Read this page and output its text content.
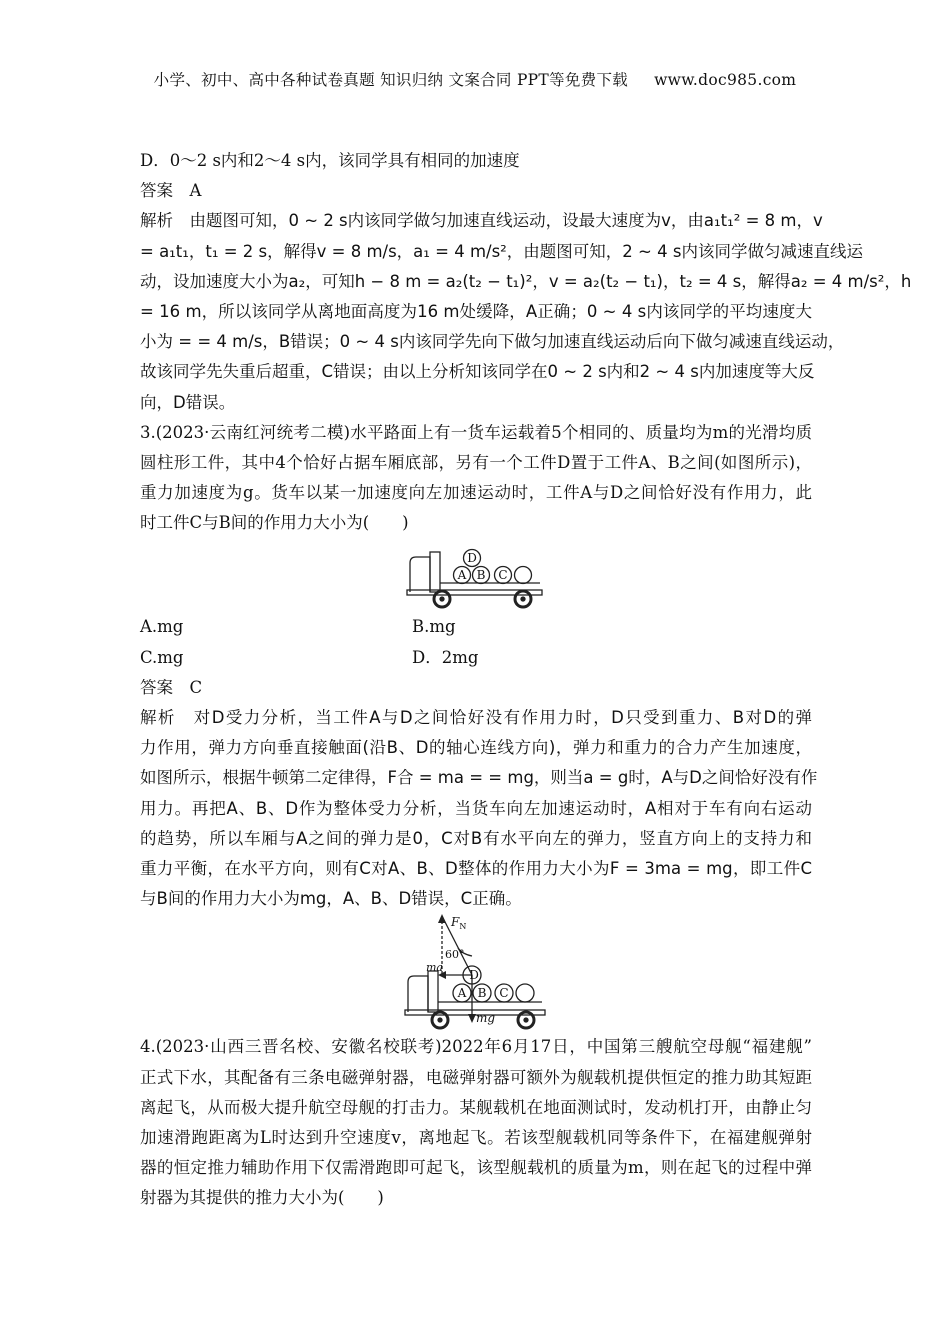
小学、初中、高中各种试卷真题 知识归纳 文案合同 PPT等免费下载 www.doc985.com
D．0～2 s内和2～4 s内，该同学具有相同的加速度
答案　A
解析　由题图可知，0 ~ 2 s内该同学做匀加速直线运动，设最大速度为v，由a₁t₁² = 8 m，v
= a₁t₁，t₁ = 2 s，解得v = 8 m/s，a₁ = 4 m/s²，由题图可知，2 ~ 4 s内该同学做匀减速直线运
动，设加速度大小为a₂，可知h − 8 m = a₂(t₂ − t₁)²，v = a₂(t₂ − t₁)，t₂ = 4 s，解得a₂ = 4 m/s²，h
= 16 m，所以该同学从离地面高度为16 m处缓降，A正确；0 ~ 4 s内该同学的平均速度大
小为 = = 4 m/s，B错误；0 ~ 4 s内该同学先向下做匀加速直线运动后向下做匀减速直线运动，
故该同学先失重后超重，C错误；由以上分析知该同学在0 ~ 2 s内和2 ~ 4 s内加速度等大反
向，D错误。
3.(2023·云南红河统考二模)水平路面上有一货车运载着5个相同的、质量均为m的光滑均质
圆柱形工件，其中4个恰好占据车厢底部，另有一个工件D置于工件A、B之间(如图所示)，
重力加速度为g。货车以某一加速度向左加速运动时，工件A与D之间恰好没有作用力，此
时工件C与B间的作用力大小为(　　)
A B C
D
A.mg	B.mg
C.mg	D．2mg
答案　C
解析　对D受力分析，当工件A与D之间恰好没有作用力时，D只受到重力、B对D的弹
力作用，弹力方向垂直接触面(沿B、D的轴心连线方向)，弹力和重力的合力产生加速度，
如图所示，根据牛顿第二定律得，F合 = ma = = mg，则当a = g时，A与D之间恰好没有作
用力。再把A、B、D作为整体受力分析，当货车向左加速运动时，A相对于车有向右运动
的趋势，所以车厢与A之间的弹力是0，C对B有水平向左的弹力，竖直方向上的支持力和
重力平衡，在水平方向，则有C对A、B、D整体的作用力大小为F = 3ma = mg，即工件C
与B间的作用力大小为mg，A、B、D错误，C正确。
$F_N$
60°
ma
mg
A B C
D
4.(2023·山西三晋名校、安徽名校联考)2022年6月17日，中国第三艘航空母舰“福建舰”
正式下水，其配备有三条电磁弹射器，电磁弹射器可额外为舰载机提供恒定的推力助其短距
离起飞，从而极大提升航空母舰的打击力。某舰载机在地面测试时，发动机打开，由静止匀
加速滑跑距离为L时达到升空速度v，离地起飞。若该型舰载机同等条件下，在福建舰弹射
器的恒定推力辅助作用下仅需滑跑即可起飞，该型舰载机的质量为m，则在起飞的过程中弹
射器为其提供的推力大小为(　　)
